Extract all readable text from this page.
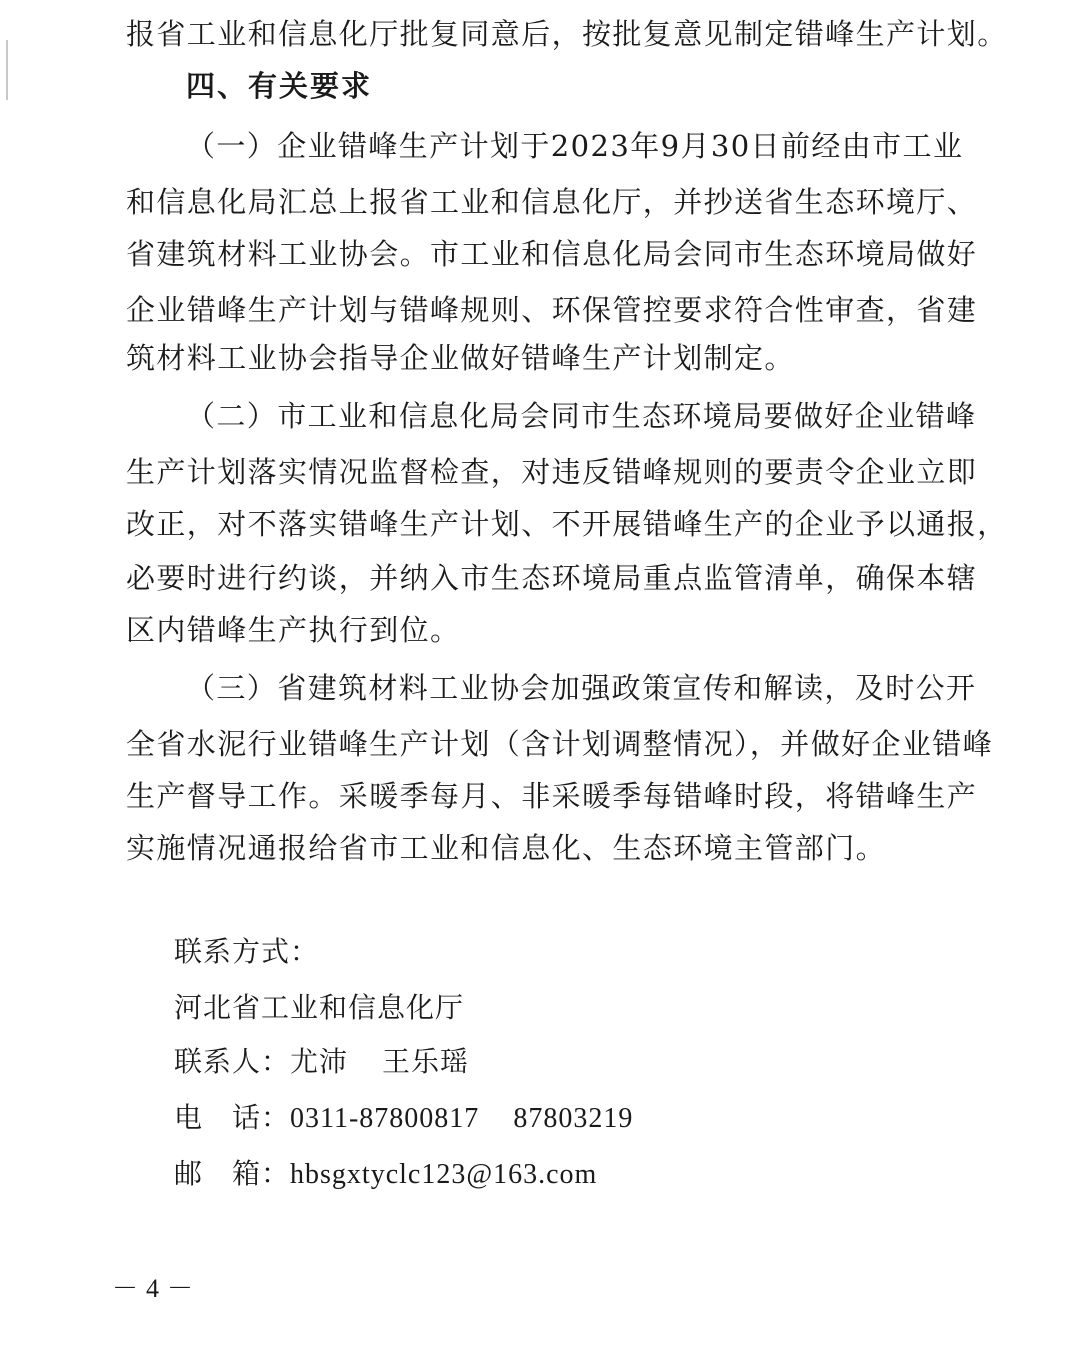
报省工业和信息化厅批复同意后，按批复意见制定错峰生产计划。
四、有关要求
（一）企业错峰生产计划于2023年9月30日前经由市工业
和信息化局汇总上报省工业和信息化厅，并抄送省生态环境厅、
省建筑材料工业协会。市工业和信息化局会同市生态环境局做好
企业错峰生产计划与错峰规则、环保管控要求符合性审查，省建
筑材料工业协会指导企业做好错峰生产计划制定。
（二）市工业和信息化局会同市生态环境局要做好企业错峰
生产计划落实情况监督检查，对违反错峰规则的要责令企业立即
改正，对不落实错峰生产计划、不开展错峰生产的企业予以通报，
必要时进行约谈，并纳入市生态环境局重点监管清单，确保本辖
区内错峰生产执行到位。
（三）省建筑材料工业协会加强政策宣传和解读，及时公开
全省水泥行业错峰生产计划（含计划调整情况），并做好企业错峰
生产督导工作。采暖季每月、非采暖季每错峰时段，将错峰生产
实施情况通报给省市工业和信息化、生态环境主管部门。
联系方式：
河北省工业和信息化厅
联系人：尤沛 王乐瑶
电　话：0311-87800817 87803219
邮　箱：hbsgxtyclc123@163.com
－4－
